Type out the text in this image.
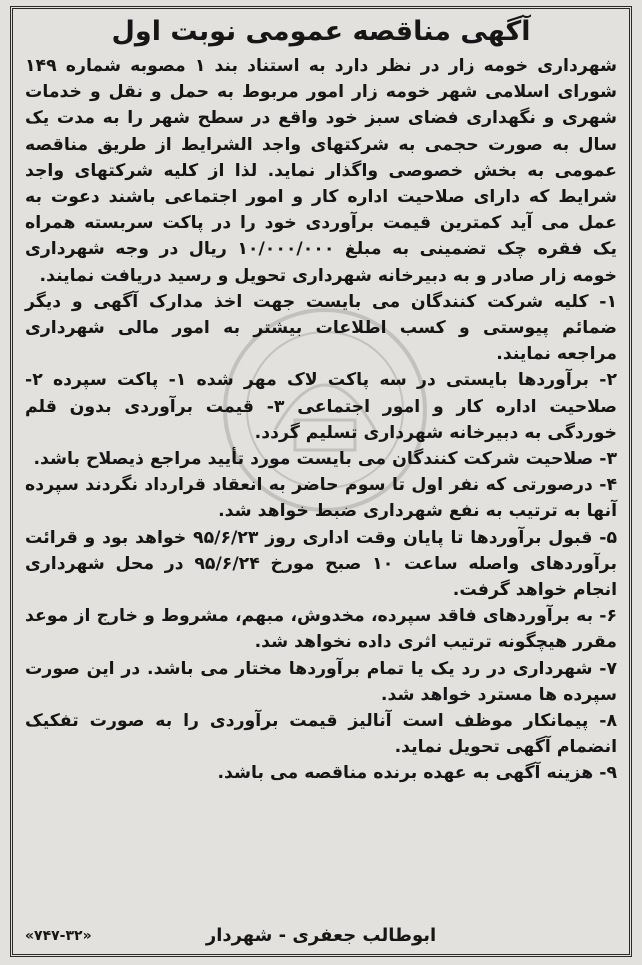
آگهی مناقصه عمومی نوبت اول

شهرداری خومه زار در نظر دارد به استناد بند ۱ مصوبه شماره ۱۴۹ شورای اسلامی شهر خومه زار امور مربوط به حمل و نقل و خدمات شهری و نگهداری فضای سبز خود واقع در سطح شهر را به مدت یک سال به صورت حجمی به شرکتهای واجد الشرایط از طریق مناقصه عمومی به بخش خصوصی واگذار نماید. لذا از کلیه شرکتهای واجد شرایط که دارای صلاحیت اداره کار و امور اجتماعی باشند دعوت به عمل می آید کمترین قیمت برآوردی خود را در پاکت سربسته همراه یک فقره چک تضمینی به مبلغ ۱۰/۰۰۰/۰۰۰ ریال در وجه شهرداری خومه زار صادر و به دبیرخانه شهرداری تحویل و رسید دریافت نمایند.

۱- کلیه شرکت کنندگان می بایست جهت اخذ مدارک آگهی و دیگر ضمائم پیوستی و کسب اطلاعات بیشتر به امور مالی شهرداری مراجعه نمایند.
۲- برآوردها بایستی در سه پاکت لاک مهر شده ۱- پاکت سپرده ۲- صلاحیت اداره کار و امور اجتماعی ۳- قیمت برآوردی بدون قلم خوردگی به دبیرخانه شهرداری تسلیم گردد.
۳- صلاحیت شرکت کنندگان می بایست مورد تأیید مراجع ذیصلاح باشد.
۴- درصورتی که نفر اول تا سوم حاضر به انعقاد قرارداد نگردند سپرده آنها به ترتیب به نفع شهرداری ضبط خواهد شد.
۵- قبول برآوردها تا پایان وقت اداری روز ۹۵/۶/۲۳ خواهد بود و قرائت برآوردهای واصله ساعت ۱۰ صبح مورخ ۹۵/۶/۲۴ در محل شهرداری انجام خواهد گرفت.
۶- به برآوردهای فاقد سپرده، مخدوش، مبهم، مشروط و خارج از موعد مقرر هیچگونه ترتیب اثری داده نخواهد شد.
۷- شهرداری در رد یک یا تمام برآوردها مختار می باشد. در این صورت سپرده ها مسترد خواهد شد.
۸- پیمانکار موظف است آنالیز قیمت برآوردی را به صورت تفکیک انضمام آگهی تحویل نماید.
۹- هزینه آگهی به عهده برنده مناقصه می باشد.
ابوطالب جعفری - شهردار
«۷۴۷-۳۲»
